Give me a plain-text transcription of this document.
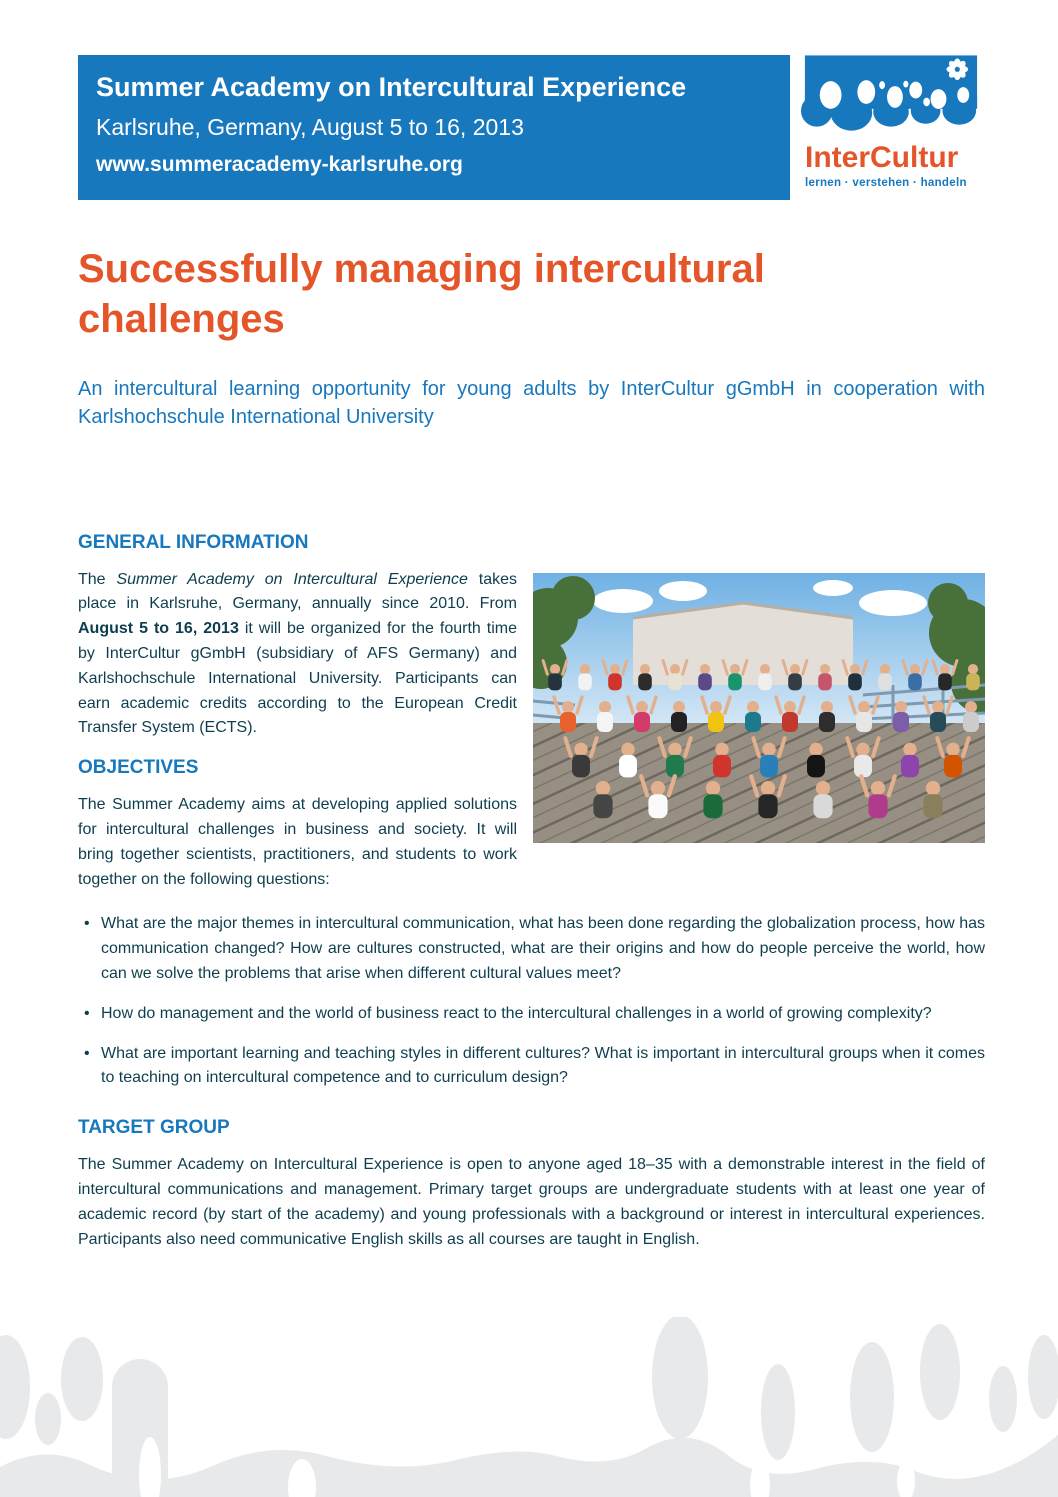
Summer Academy on Intercultural Experience
Karlsruhe, Germany, August 5 to 16, 2013
www.summeracademy-karlsruhe.org	InterCultur
lernen · verstehen · handeln
Successfully managing intercultural challenges

An intercultural learning opportunity for young adults by InterCultur gGmbH in cooperation with Karlshochschule International University

GENERAL INFORMATION

The Summer Academy on Intercultural Experience takes place in Karlsruhe, Germany, annually since 2010. From August 5 to 16, 2013 it will be organized for the fourth time by InterCultur gGmbH (subsidiary of AFS Germany) and Karlshochschule International University. Participants can earn academic credits according to the European Credit Transfer System (ECTS).

OBJECTIVES

The Summer Academy aims at developing applied solutions for intercultural challenges in business and society. It will bring together scientists, practitioners, and students to work together on the following questions:

• What are the major themes in intercultural communication, what has been done regarding the globalization process, how has communication changed? How are cultures constructed, what are their origins and how do people perceive the world, how can we solve the problems that arise when different cultural values meet?
• How do management and the world of business react to the intercultural challenges in a world of growing complexity?
• What are important learning and teaching styles in different cultures? What is important in intercultural groups when it comes to teaching on intercultural competence and to curriculum design?
TARGET GROUP

The Summer Academy on Intercultural Experience is open to anyone aged 18–35 with a demonstrable interest in the field of intercultural communications and management. Primary target groups are undergraduate students with at least one year of academic record (by start of the academy) and young professionals with a background or interest in intercultural experiences. Participants also need communicative English skills as all courses are taught in English.
